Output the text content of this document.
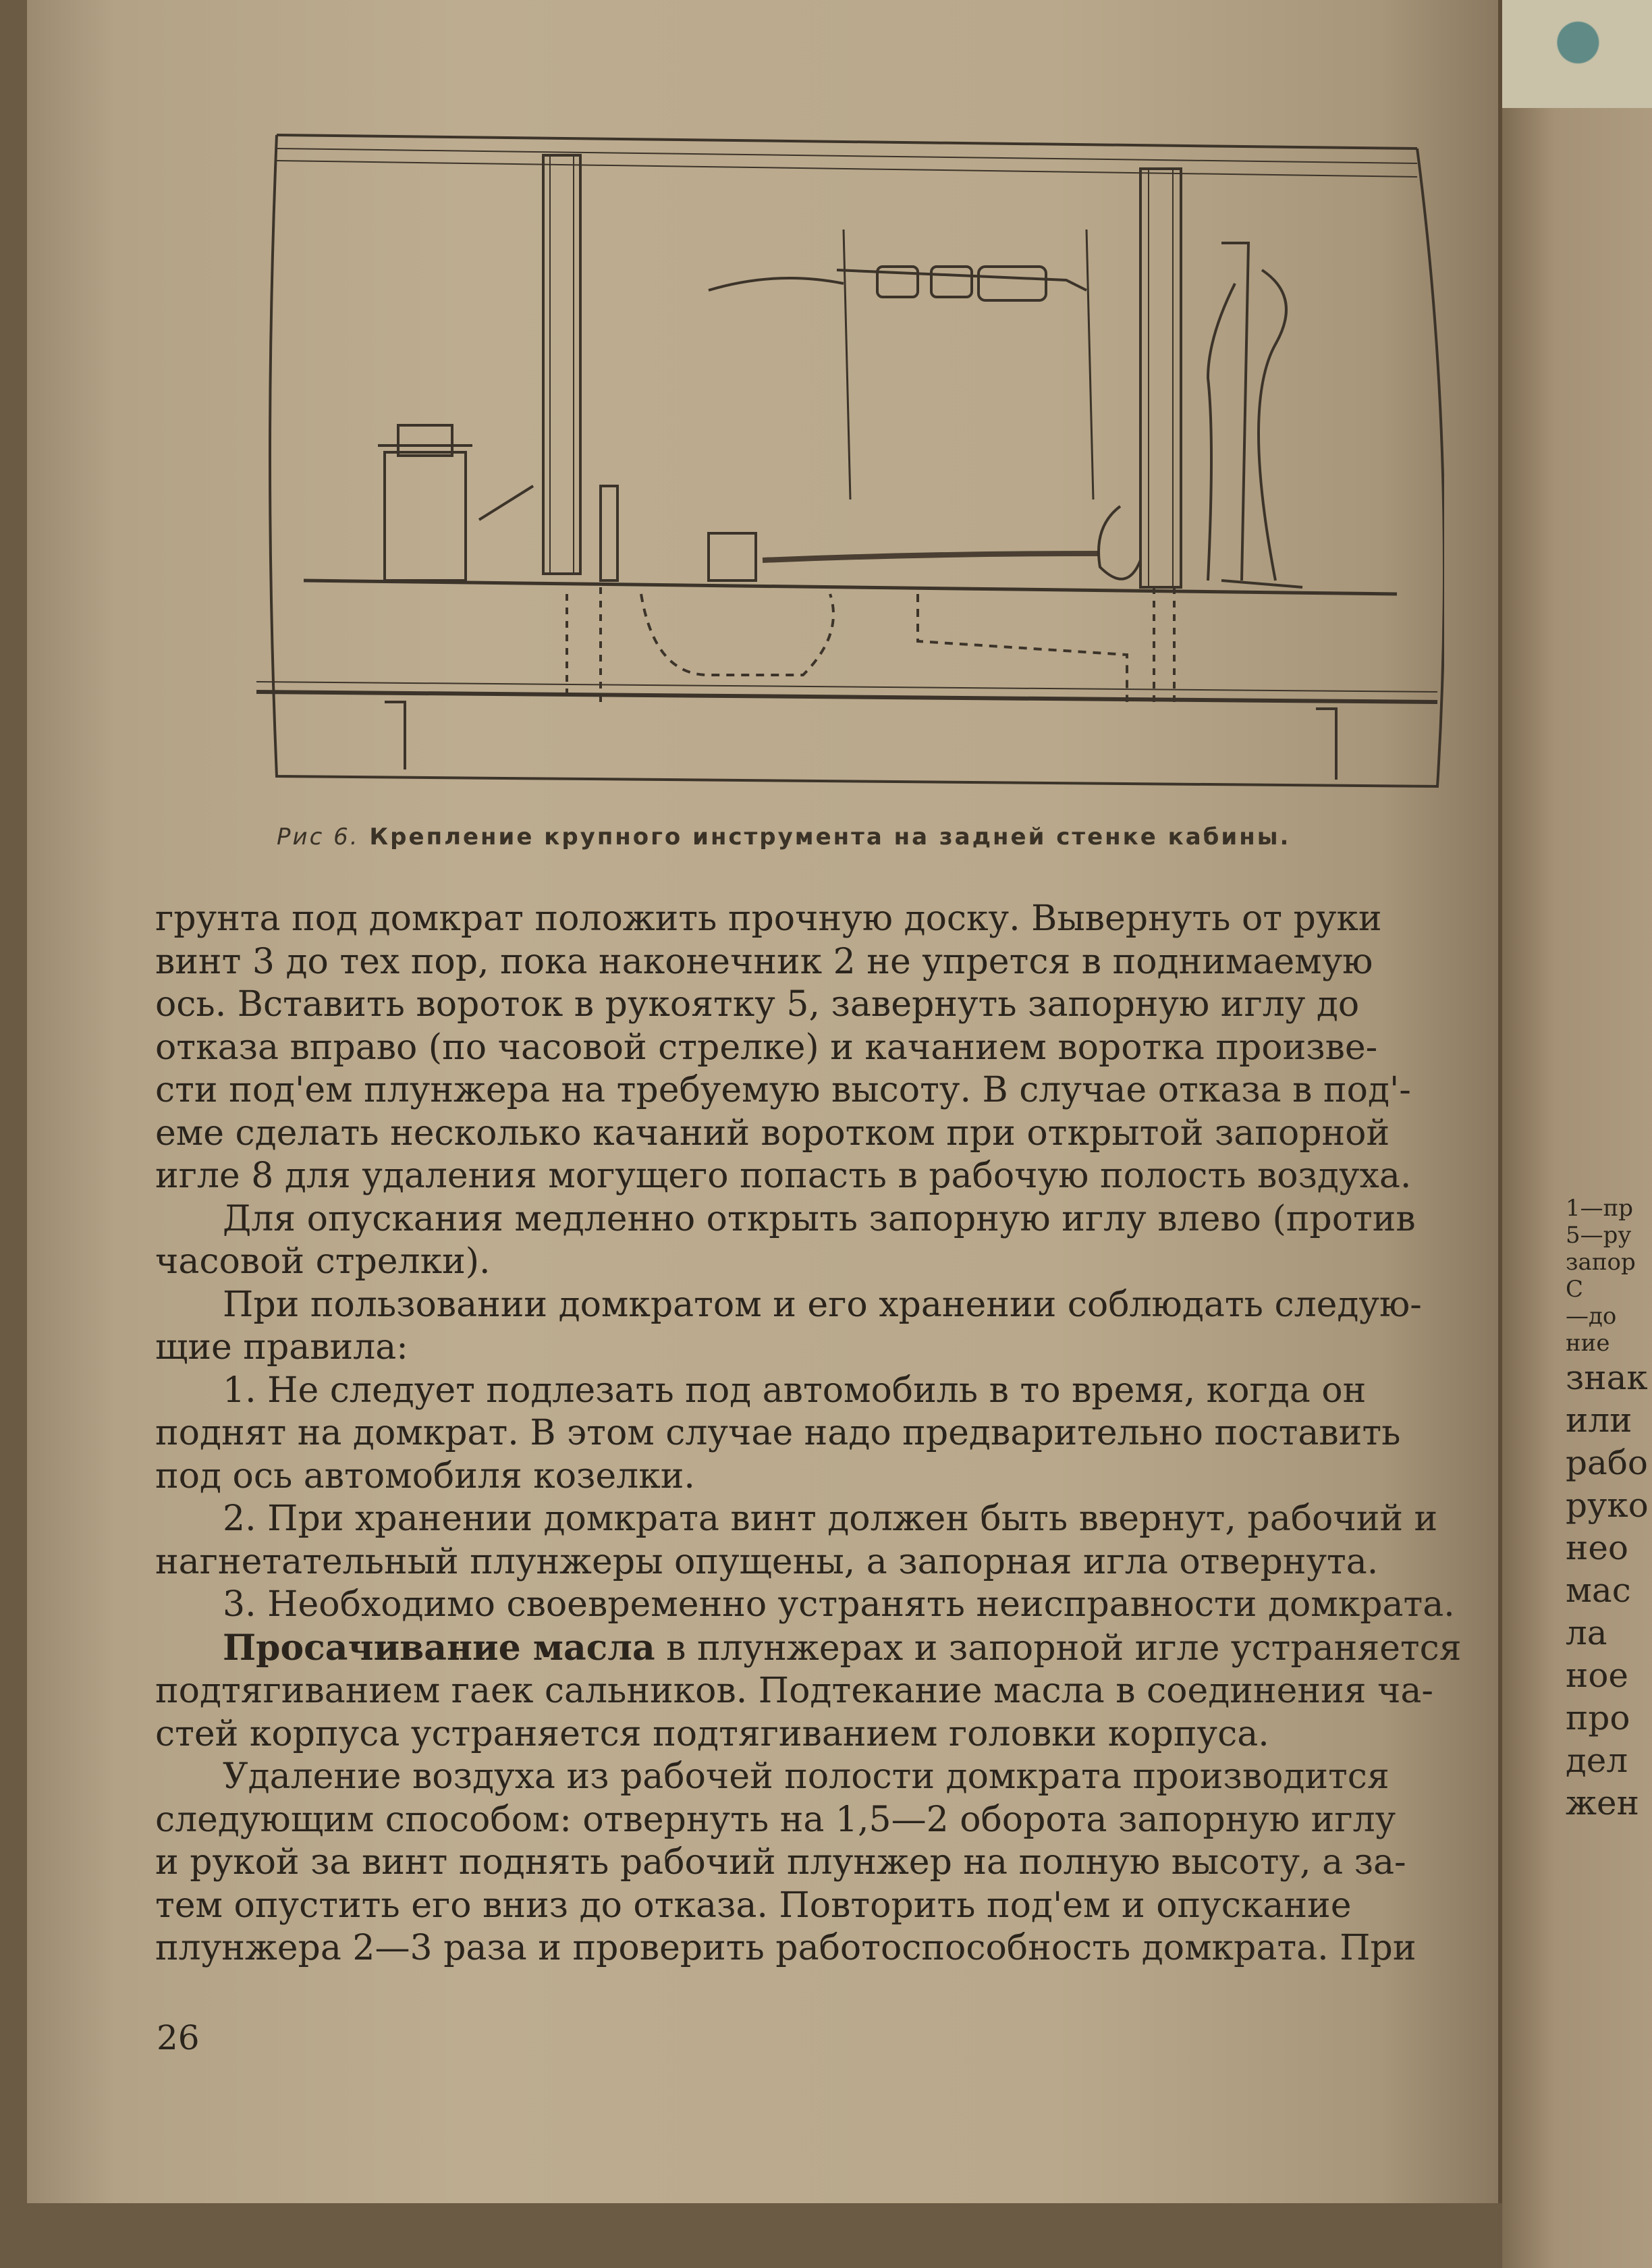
1—пр
5—ру
запор
С
—до
ние
знак
или
рабо
руко
нео
мас
ла
ное
про
дел
жен
Рис 6. Крепление крупного инструмента на задней стенке кабины.
грунта под домкрат положить прочную доску. Вывернуть от руки
винт 3 до тех пор, пока наконечник 2 не упрется в поднимаемую
ось. Вставить вороток в рукоятку 5, завернуть запорную иглу до
отказа вправо (по часовой стрелке) и качанием воротка произве-
сти под'ем плунжера на требуемую высоту. В случае отказа в под'-
еме сделать несколько качаний воротком при открытой запорной
игле 8 для удаления могущего попасть в рабочую полость воздуха.
Для опускания медленно открыть запорную иглу влево (против
часовой стрелки).
При пользовании домкратом и его хранении соблюдать следую-
щие правила:
1. Не следует подлезать под автомобиль в то время, когда он
поднят на домкрат. В этом случае надо предварительно поставить
под ось автомобиля козелки.
2. При хранении домкрата винт должен быть ввернут, рабочий и
нагнетательный плунжеры опущены, а запорная игла отвернута.
3. Необходимо своевременно устранять неисправности домкрата.
Просачивание масла в плунжерах и запорной игле устраняется
подтягиванием гаек сальников. Подтекание масла в соединения ча-
стей корпуса устраняется подтягиванием головки корпуса.
Удаление воздуха из рабочей полости домкрата производится
следующим способом: отвернуть на 1,5—2 оборота запорную иглу
и рукой за винт поднять рабочий плунжер на полную высоту, а за-
тем опустить его вниз до отказа. Повторить под'ем и опускание
плунжера 2—3 раза и проверить работоспособность домкрата. При
26
